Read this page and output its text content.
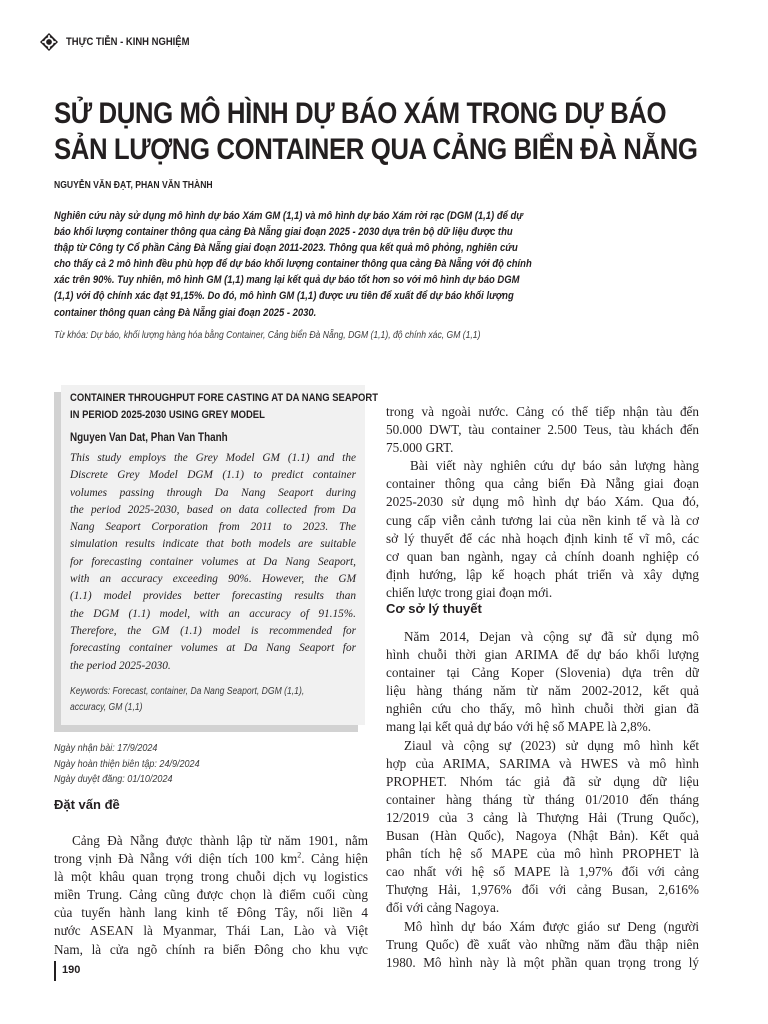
THỰC TIỄN - KINH NGHIỆM
SỬ DỤNG MÔ HÌNH DỰ BÁO XÁM TRONG DỰ BÁO
SẢN LƯỢNG CONTAINER QUA CẢNG BIỂN ĐÀ NẴNG
NGUYỄN VĂN ĐẠT, PHAN VĂN THÀNH
Nghiên cứu này sử dụng mô hình dự báo Xám GM (1,1) và mô hình dự báo Xám rời rạc (DGM (1,1) để dự
báo khối lượng container thông qua cảng Đà Nẵng giai đoạn 2025 - 2030 dựa trên bộ dữ liệu được thu
thập từ Công ty Cổ phần Cảng Đà Nẵng giai đoạn 2011-2023. Thông qua kết quả mô phỏng, nghiên cứu
cho thấy cả 2 mô hình đều phù hợp để dự báo khối lượng container thông qua cảng Đà Nẵng với độ chính
xác trên 90%. Tuy nhiên, mô hình GM (1,1) mang lại kết quả dự báo tốt hơn so với mô hình dự báo DGM
(1,1) với độ chính xác đạt 91,15%. Do đó, mô hình GM (1,1) được ưu tiên để xuất để dự báo khối lượng
container thông quan cảng Đà Nẵng giai đoạn 2025 - 2030.
Từ khóa: Dự báo, khối lượng hàng hóa bằng Container, Cảng biển Đà Nẵng, DGM (1,1), độ chính xác, GM (1,1)
CONTAINER THROUGHPUT FORE CASTING AT DA NANG SEAPORT
IN PERIOD 2025-2030 USING GREY MODEL
Nguyen Van Dat, Phan Van Thanh
This study employs the Grey Model GM (1.1) and the
Discrete Grey Model DGM (1.1) to predict container
volumes passing through Da Nang Seaport during
the period 2025-2030, based on data collected from Da
Nang Seaport Corporation from 2011 to 2023. The
simulation results indicate that both models are suitable
for forecasting container volumes at Da Nang Seaport,
with an accuracy exceeding 90%. However, the GM
(1.1) model provides better forecasting results than
the DGM (1.1) model, with an accuracy of 91.15%.
Therefore, the GM (1.1) model is recommended for
forecasting container volumes at Da Nang Seaport for
the period 2025-2030.
Keywords: Forecast, container, Da Nang Seaport, DGM (1,1),
accuracy, GM (1,1)
Ngày nhận bài: 17/9/2024
Ngày hoàn thiện biên tập: 24/9/2024
Ngày duyệt đăng: 01/10/2024
Đặt vấn đề
Cảng Đà Nẵng được thành lập từ năm 1901, nằm
trong vịnh Đà Nẵng với diện tích 100 $km^2$. Cảng hiện
là một khâu quan trọng trong chuỗi dịch vụ logistics
miền Trung. Cảng cũng được chọn là điểm cuối cùng
của tuyến hành lang kinh tế Đông Tây, nối liền 4
nước ASEAN là Myanmar, Thái Lan, Lào và Việt
Nam, là cửa ngõ chính ra biển Đông cho khu vực
trong và ngoài nước. Cảng có thể tiếp nhận tàu đến
50.000 DWT, tàu container 2.500 Teus, tàu khách đến
75.000 GRT.
Bài viết này nghiên cứu dự báo sản lượng hàng
container thông qua cảng biển Đà Nẵng giai đoạn
2025-2030 sử dụng mô hình dự báo Xám. Qua đó,
cung cấp viễn cảnh tương lai của nền kinh tế và là cơ
sở lý thuyết để các nhà hoạch định kinh tế vĩ mô, các
cơ quan ban ngành, ngay cả chính doanh nghiệp có
định hướng, lập kế hoạch phát triển và xây dựng
chiến lược trong giai đoạn mới.
Cơ sở lý thuyết
Năm 2014, Dejan và cộng sự đã sử dụng mô
hình chuỗi thời gian ARIMA để dự báo khối lượng
container tại Cảng Koper (Slovenia) dựa trên dữ
liệu hàng tháng năm từ năm 2002-2012, kết quả
nghiên cứu cho thấy, mô hình chuỗi thời gian đã
mang lại kết quả dự báo với hệ số MAPE là 2,8%.
Ziaul và cộng sự (2023) sử dụng mô hình kết
hợp của ARIMA, SARIMA và HWES và mô hình
PROPHET. Nhóm tác giả đã sử dụng dữ liệu
container hàng tháng từ tháng 01/2010 đến tháng
12/2019 của 3 cảng là Thượng Hải (Trung Quốc),
Busan (Hàn Quốc), Nagoya (Nhật Bản). Kết quả
phân tích hệ số MAPE của mô hình PROPHET là
cao nhất với hệ số MAPE là 1,97% đối với cảng
Thượng Hải, 1,976% đối với cảng Busan, 2,616%
đối với cảng Nagoya.
Mô hình dự báo Xám được giáo sư Deng (người
Trung Quốc) đề xuất vào những năm đầu thập niên
1980. Mô hình này là một phần quan trọng trong lý
190
